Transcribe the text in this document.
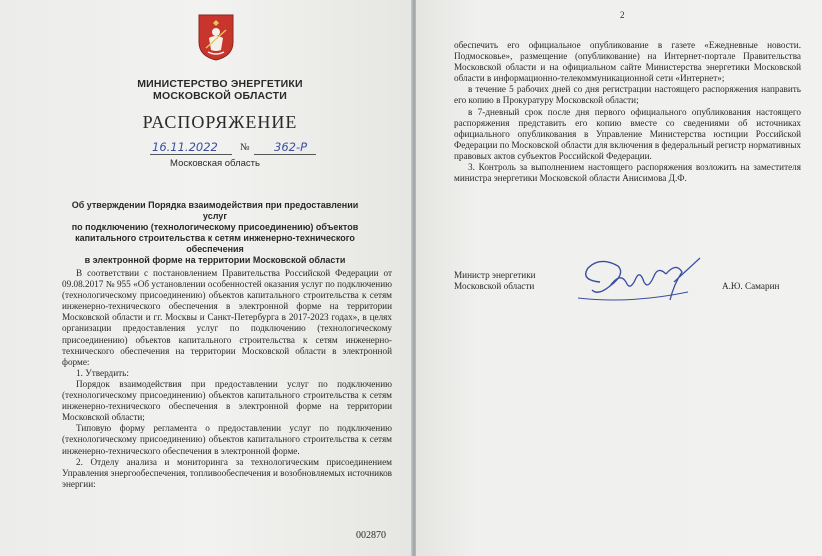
МИНИСТЕРСТВО ЭНЕРГЕТИКИ
МОСКОВСКОЙ ОБЛАСТИ
РАСПОРЯЖЕНИЕ
16.11.2022 № 362-Р
Московская область
Об утверждении Порядка взаимодействия при предоставлении услуг
по подключению (технологическому присоединению) объектов
капитального строительства к сетям инженерно-технического обеспечения
в электронной форме на территории Московской области

В соответствии с постановлением Правительства Российской Федерации от 09.08.2017 № 955 «Об установлении особенностей оказания услуг по подключению (технологическому присоединению) объектов капитального строительства к сетям инженерно-технического обеспечения в электронной форме на территории Московской области и гг. Москвы и Санкт-Петербурга в 2017-2023 годах», в целях организации предоставления услуг по подключению (технологическому присоединению) объектов капитального строительства к сетям инженерно-технического обеспечения на территории Московской области в электронной форме:

1. Утвердить:

Порядок взаимодействия при предоставлении услуг по подключению (технологическому присоединению) объектов капитального строительства к сетям инженерно-технического обеспечения в электронной форме на территории Московской области;

Типовую форму регламента о предоставлении услуг по подключению (технологическому присоединению) объектов капитального строительства к сетям инженерно-технического обеспечения в электронной форме.

2. Отделу анализа и мониторинга за технологическим присоединением Управления энергообеспечения, топливообеспечения и возобновляемых источников энергии:

002870
2

обеспечить его официальное опубликование в газете «Ежедневные новости. Подмосковье», размещение (опубликование) на Интернет-портале Правительства Московской области и на официальном сайте Министерства энергетики Московской области в информационно-телекоммуникационной сети «Интернет»;

в течение 5 рабочих дней со дня регистрации настоящего распоряжения направить его копию в Прокуратуру Московской области;

в 7-дневный срок после дня первого официального опубликования настоящего распоряжения представить его копию вместе со сведениями об источниках официального опубликования в Управление Министерства юстиции Российской Федерации по Московской области для включения в федеральный регистр нормативных правовых актов субъектов Российской Федерации.

3. Контроль за выполнением настоящего распоряжения возложить на заместителя министра энергетики Московской области Анисимова Д.Ф.

Министр энергетики
Московской области	А.Ю. Самарин
